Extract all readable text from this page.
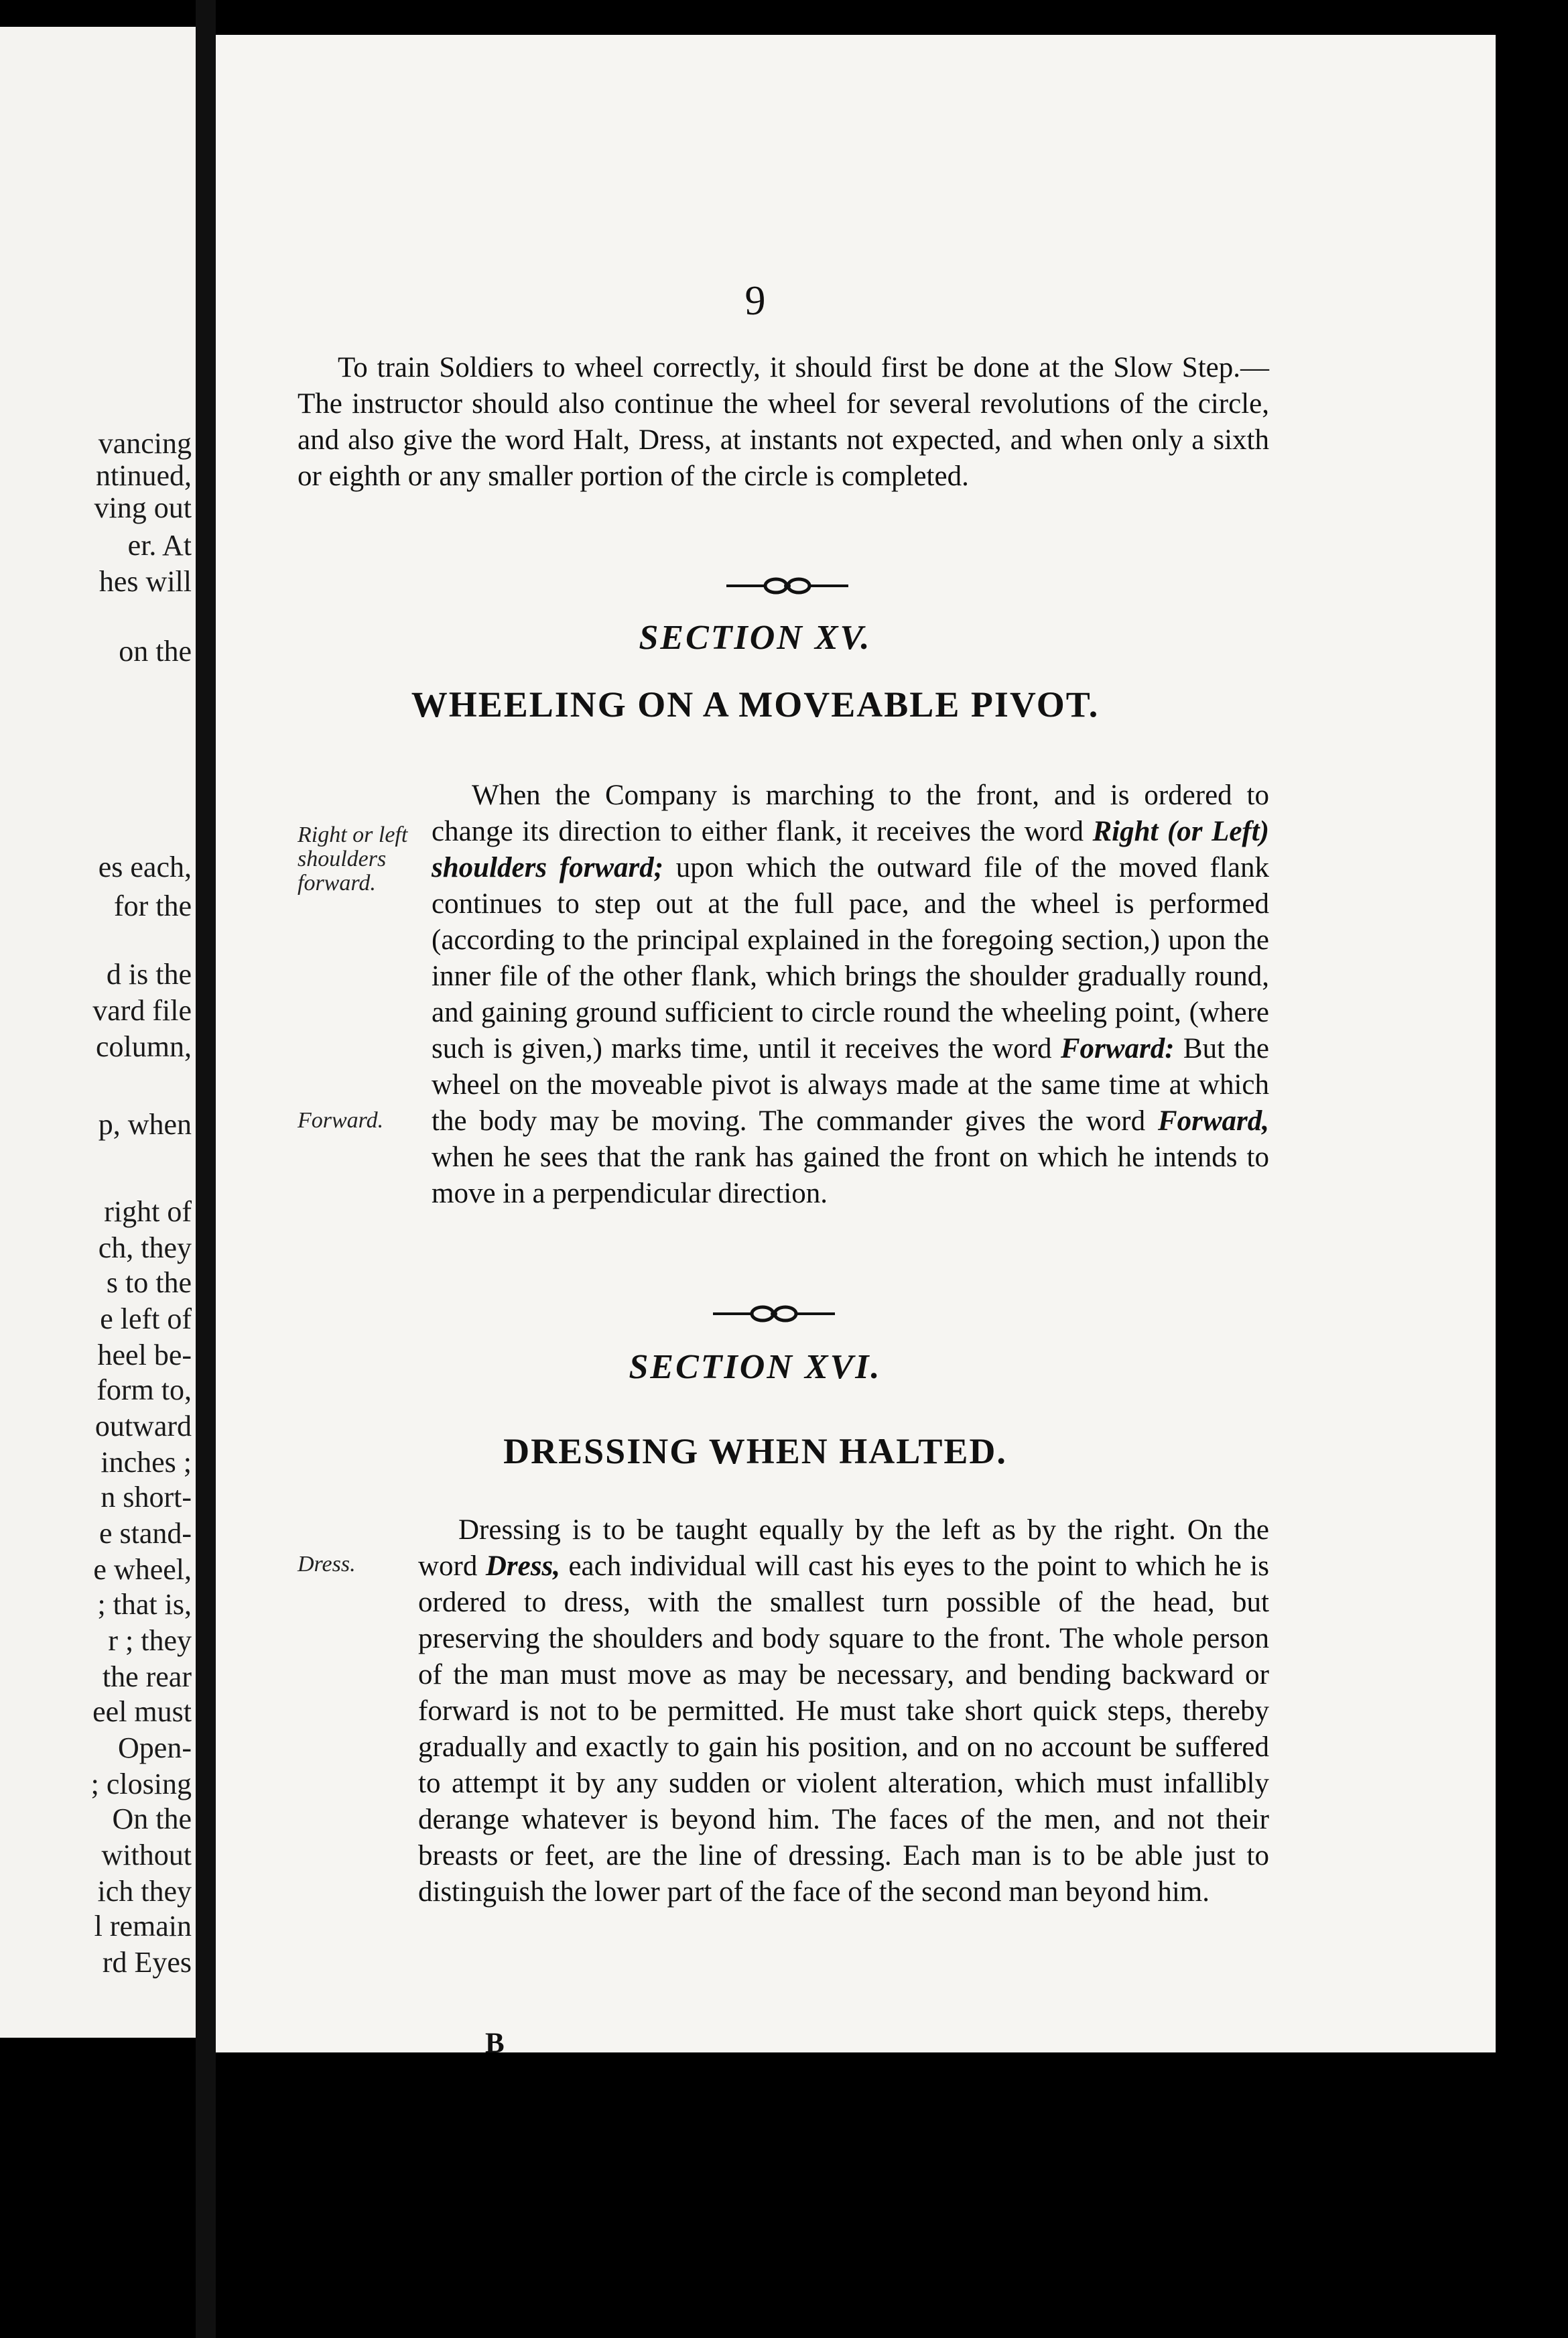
vancing
ntinued,
ving out
er. At
hes will
on the
es each,
for the
d is the
vard file
column,
p, when
right of
ch, they
s to the
e left of
heel be-
form to,
outward
inches ;
n short-
e stand-
e wheel,
; that is,
r ; they
the rear
eel must
Open-
; closing
On the
without
ich they
l remain
rd Eyes
9

To train Soldiers to wheel correctly, it should first be done at the Slow Step.—The instructor should also continue the wheel for several revolutions of the circle, and also give the word Halt, Dress, at instants not expected, and when only a sixth or eighth or any smaller portion of the circle is completed.

SECTION XV.
WHEELING ON A MOVEABLE PIVOT.
Right or left shoulders forward.
Forward.

When the Company is marching to the front, and is ordered to change its direction to either flank, it receives the word Right (or Left) shoulders forward; upon which the outward file of the moved flank continues to step out at the full pace, and the wheel is performed (according to the principal explained in the foregoing section,) upon the inner file of the other flank, which brings the shoulder gradually round, and gaining ground sufficient to circle round the wheeling point, (where such is given,) marks time, until it receives the word Forward: But the wheel on the moveable pivot is always made at the same time at which the body may be moving. The commander gives the word Forward, when he sees that the rank has gained the front on which he intends to move in a perpendicular direction.

SECTION XVI.
DRESSING WHEN HALTED.
Dress.

Dressing is to be taught equally by the left as by the right. On the word Dress, each individual will cast his eyes to the point to which he is ordered to dress, with the smallest turn possible of the head, but preserving the shoulders and body square to the front. The whole person of the man must move as may be necessary, and bending backward or forward is not to be permitted. He must take short quick steps, thereby gradually and exactly to gain his position, and on no account be suffered to attempt it by any sudden or violent alteration, which must infallibly derange whatever is beyond him. The faces of the men, and not their breasts or feet, are the line of dressing. Each man is to be able just to distinguish the lower part of the face of the second man beyond him.

B
